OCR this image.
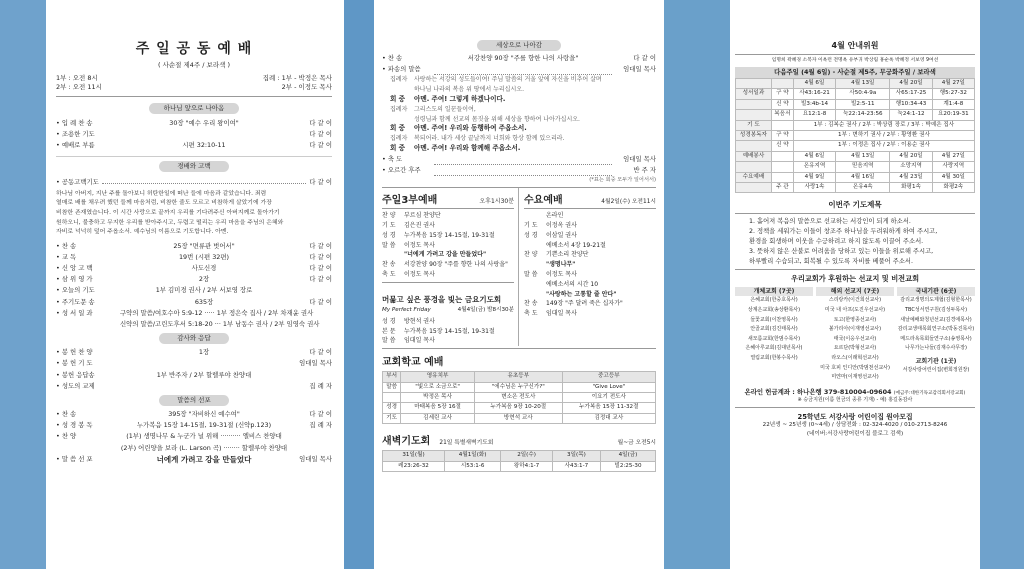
주 일 공 동 예 배
( 사순절 제4주 / 보라색 )
1부 : 오전 8시
2부 : 오전 11시
집례 : 1부 - 박정은 목사
2부 - 이정도 목사
하나님 앞으로 나아옴
• 입 례 찬 송	30장 "예수 우리 왕이여"	다 같 이
• 조용한 기도	다 같 이
• 예배로 부름	시편 32:10-11	다 같 이
경배와 고백
• 공동고백기도	다 같 이
하나님 아버지, 지난 주를 돌아보니 허탄한일에 떠난 들에 마음과 같았습니다. 죄렴
열매로 배를 채우려 했던 들께 마음처럼, 비참한 줄도 모르고 비참하게 살았기에 가장
비참한 존재였습니다. 이 시간 사랑으로 끝까지 우리를 기다려주신 아버지께로 돌아가기
원하오니, 불충하고 무지한 우리를 받아주시고, 두렵고 떨리는 우리 마음을 주님의 은혜와
자비로 넉넉히 덮어 주옵소서. 예수님의 이름으로 기도합니다. 아멘.
• 찬 송	25장 "면류관 벗어서"	다 같 이
• 교 독	19번 (시편 32편)	다 같 이
• 신 앙 고 백	사도신경	다 같 이
• 삼 위 영 가	2장	다 같 이
• 오늘의 기도	1부 김미경 권사 / 2부 서보영 장로
• 주기도문 송	635장	다 같 이
• 성 서 일 과	구약의 말씀/여호수아 5:9-12 ····· 1부 정은숙 집사 / 2부 차재윤 권사
신약의 말씀/고린도후서 5:18-20 ··· 1부 남동수 권사 / 2부 임영숙 권사
감사와 응답
• 봉 헌 찬 양	1장	다 같 이
• 봉 헌 기 도	임대일 목사
• 봉헌 응답송	1부 반주자 / 2부 할렐루야 찬양대
• 성도의 교제	집 례 자
말씀의 선포
• 찬 송	395장 "자비하신 예수여"	다 같 이
• 성 경 봉 독	누가복음 15장 14-15절, 19-31절 (신약p.123)	집 례 자
• 찬 양	(1부) 생명나무 & 누군가 널 위해 ·········· 엘비스 찬양대
(2부) 어린양을 보라 (L. Larson 곡) ········ 할렐루야 찬양대
• 말 씀 선 포	너에게 가려고 강을 만들었다	임대일 목사
세상으로 나아감
• 찬 송	서강찬양 90장 "주를 향한 나의 사랑을"	다 같 이
• 파송의 말씀	임대일 목사
집례자 사랑하는 서강의 성도들이여! 주님 말씀의 거울 앞에 자신을 비추어 살며
하나님 나라의 복음 위 땅에서 누리십시오.
회 중 아멘. 주여! 그렇게 하겠나이다.
집례자 그리스도의 일꾼들이여,
성령님과 함께 선교의 몸짓을 위해 세상을 향하여 나아가십시오.
회 중 아멘. 주여! 우리와 동행하여 주옵소서.
집례자 복되어라. 내가 세상 끝날까지 너희와 항상 함께 있으리라.
회 중 아멘. 주여! 우리와 함께해 주옵소서.
• 축 도	임대일 목사
• 오르간 후주	반 주 자
(*표는 회중 모두가 일어서서)
주일3부예배	오후1시30분
찬 양 부르심 찬양단
기 도 김은진 권사
성 경 누가복음 15장 14-15절, 19-31절
말 씀 이정도 목사
"너에게 가려고 강을 만들었다"
찬 송 서강찬양 90장 "주를 향한 나의 사랑을"
축 도 이정도 목사
머묾고 싶은 풍경을 빛는 금요기도회
My Perfect Friday	4월4일(금) 밤8시30분
성 경 방현석 권사
본 문 누가복음 15장 14-15절, 19-31절
말 씀 임대일 목사
수요예배	4월2일(수) 오전11시
온라인
기 도 이정옥 권사
성 경 이삼일 권사
에베소서 4장 19-21절
찬 양 기쁜소리 찬양단
"생명나무"
말 씀 이정도 목사
에베소서의 시간 10
"사랑하는 고통할 줄 안다"
찬 송 149장 "주 달려 죽은 십자가"
축 도 임대일 목사
교회학교 예배
부서	영유치부	유초등부	중고등부
말씀	"빛으로 소금으로"	"에수님은 누구신가?"	"Give Love"
	박정은 목사	변소은 전도사	이요기 전도사
성경	마태복음 5장 16절	누가복음 9장 10-20절	누가복음 15장 11-32절
기도	김세린 교사	방현석 교사	김정대 교사
새벽기도회 21일 특별새벽기도회	월~금 오전5시
31일(월)	4월1일(화)	2일(수)	3일(목)	4일(금)
레23:26-32	시53:1-6	왕하4:1-7	사43:1-7	빌2:25-30
4월 안내위원
임명희 곽혜경 소복자 이옥런 전명옥 유부귀 박상림 홍순옥 박혜정 서보영 9여선
다음주일 (4월 6일) - 사순절 제5주, 무궁화주일 / 보라색
		4월 6일	4월 13일	4월 20일	4월 27일
성서일과	구 약	사43:16-21	사50:4-9a	사65:17-25	행5:27-32
	신 약	빌3:4b-14	빌2:5-11	행10:34-43	계1:4-8
	복음서	요12:1-8	눅22:14-23:56	눅24:1-12	요20:19-31
기 도		1부 : 김복순 권사 / 2부 : 박상림 장로 / 3부 : 박예은 집사			
성경봉독자	구 약	1부 : 변하기 권사 / 2부 : 황영환 권사			
	신 약	1부 : 이정은 집사 / 2부 : 이용순 권사			
예배봉사		4월 6일	4월 13일	4월 20일	4월 27일
		온유지역	믿음지역	소망지역	사랑지역
수요예배		4월 9일	4월 16일	4월 23일	4월 30일
	주 관	사랑1속	온유4속	화평1속	화평2속
이번주 기도제목
1. 흩어져 복음의 말씀으로 선교하는 서강인이 되게 하소서.
2. 정책을 세워가는 이들이 창조주 하나님을 두려워하게 하여 주시고,
환경을 회생하며 이웃을 수긍하려고 하지 않도록 이끌어 주소서.
3. 뜻하지 않은 산불로 어려움을 당하고 있는 이들을 위로해 주시고,
하루빨리 수습되고, 회복될 수 있도록 자비를 베풀어 주소서.
우리교회가 후원하는 선교지 및 비전교회
개체교회 (7곳)
은혜교회(한중호목사)
상계은교회(송상환목사)
들꽃교회(이찬영목사)
안골교회(김진태목사)
새모름교회(한범수목사)
은혜아루교회(김대년목사)
열림교회(한봉수목사)
해외 선교지 (7곳)
스리랑카(이건희선교사)
미국 내 아프(도진우선교사)
토고(한영종선교사)
볼가리아(이재영선교사)
태국(이응우선교사)
요르단(박형선교사)
라오스(이래혁선교사)
미국 호피 인디안(박범천선교사)
미얀마(이재영선교사)
국내기관 (6곳)
감리교생명의도제협(김형한목사)
TBC성서연구원(김성두목사)
새날예배와청년선교(김경애목사)
감리교생태목회연구소(박동진목사)
메드라욕목회들연구소(송영목사)
나무가는나들(김재수사무장)
교회기관 (1곳)
서강사랑어린이집(변희정원장)
온라인 헌금계좌 : 하나은행 379-810004-09604 (예금주:대한기독교감리회서강교회)
※ 승금지원(이름 헌금의 종류 기재) - 예) 홍길동감사
25학년도 서강사랑 어린이집 원아모집
22년생 ~ 25년생 (0~4세) / 상담전화 : 02-324-4020 / 010-2713-8246
(네이버:서강사랑어린이집 블로그 검색)
